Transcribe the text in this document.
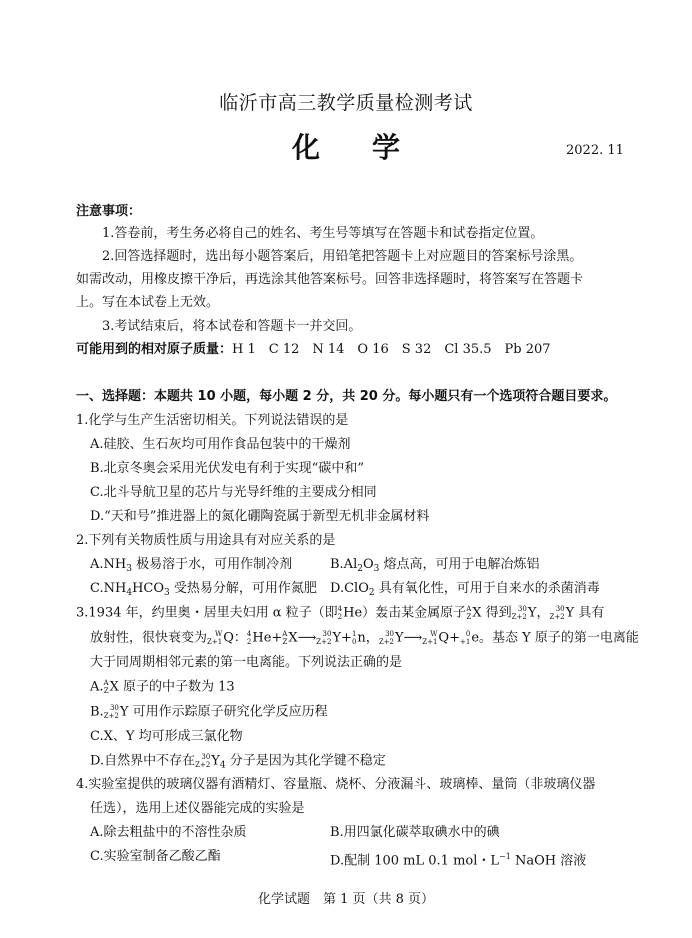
临沂市高三教学质量检测考试
化 学	2022. 11
注意事项：
1.答卷前，考生务必将自己的姓名、考生号等填写在答题卡和试卷指定位置。
2.回答选择题时，选出每小题答案后，用铅笔把答题卡上对应题目的答案标号涂黑。
如需改动，用橡皮擦干净后，再选涂其他答案标号。回答非选择题时，将答案写在答题卡
上。写在本试卷上无效。
3.考试结束后，将本试卷和答题卡一并交回。
可能用到的相对原子质量：H 1　C 12　N 14　O 16　S 32　Cl 35.5　Pb 207
一、选择题：本题共 10 小题，每小题 2 分，共 20 分。每小题只有一个选项符合题目要求。
1.化学与生产生活密切相关。下列说法错误的是
A.硅胶、生石灰均可用作食品包装中的干燥剂
B.北京冬奥会采用光伏发电有利于实现“碳中和”
C.北斗导航卫星的芯片与光导纤维的主要成分相同
D.“天和号”推进器上的氮化硼陶瓷属于新型无机非金属材料
2.下列有关物质性质与用途具有对应关系的是
$A.NH_3$ 极易溶于水，可用作制冷剂	$B.Al_2O_3$ 熔点高，可用于电解冶炼铝
$C.NH_4HCO_3$ 受热易分解，可用作氮肥 D.ClO$_2$ 具有氧化性，可用于自来水的杀菌消毒
3.1934 年，约里奥・居里夫妇用 α 粒子（即 4
2 He）轰击某金属原子 A
Z X 得到 30
Z+2 Y， 30
Z+2 Y 具有
放射性，很快衰变为	W
Z+1 Q： 4
2 He+ A
Z X⟶ 30
Z+2 Y+ 1
0 n， 30
Z+2 Y⟶	W
Z+1 Q+ 0
+1 e。基态 Y 原子的第一电离能
大于同周期相邻元素的第一电离能。下列说法正确的是
A. A
Z X 原子的中子数为 13
B. 30
Z+2 Y 可用作示踪原子研究化学反应历程
C.X、Y 均可形成三氯化物
D.自然界中不存在 30
Z+2 $Y_4$ 分子是因为其化学键不稳定
4.实验室提供的玻璃仪器有酒精灯、容量瓶、烧杯、分液漏斗、玻璃棒、量筒（非玻璃仪器
任选），选用上述仪器能完成的实验是
A.除去粗盐中的不溶性杂质	B.用四氯化碳萃取碘水中的碘
C.实验室制备乙酸乙酯	D.配制 100 mL 0.1 mol・$L^{-1}$ NaOH 溶液
化学试题　第 1 页（共 8 页）
